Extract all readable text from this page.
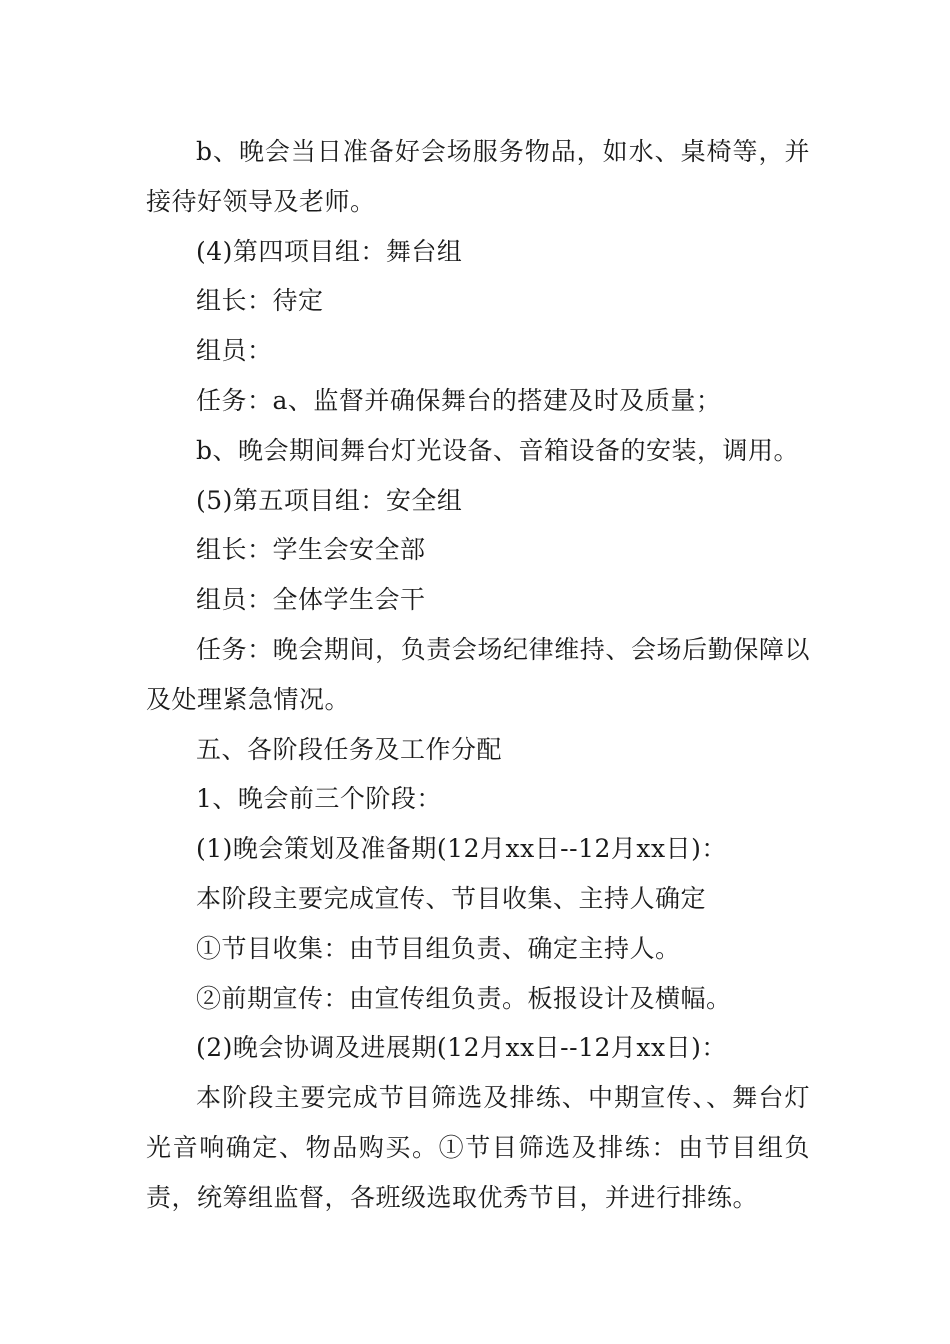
b、晚会当日准备好会场服务物品，如水、桌椅等，并接待好领导及老师。

(4)第四项目组：舞台组

组长：待定

组员：

任务：a、监督并确保舞台的搭建及时及质量；

b、晚会期间舞台灯光设备、音箱设备的安装，调用。

(5)第五项目组：安全组

组长：学生会安全部

组员：全体学生会干

任务：晚会期间，负责会场纪律维持、会场后勤保障以及处理紧急情况。

五、各阶段任务及工作分配

1、晚会前三个阶段：

(1)晚会策划及准备期(12月xx日--12月xx日)：

本阶段主要完成宣传、节目收集、主持人确定

①节目收集：由节目组负责、确定主持人。

②前期宣传：由宣传组负责。板报设计及横幅。

(2)晚会协调及进展期(12月xx日--12月xx日)：

本阶段主要完成节目筛选及排练、中期宣传、、舞台灯光音响确定、物品购买。①节目筛选及排练：由节目组负责，统筹组监督，各班级选取优秀节目，并进行排练。
